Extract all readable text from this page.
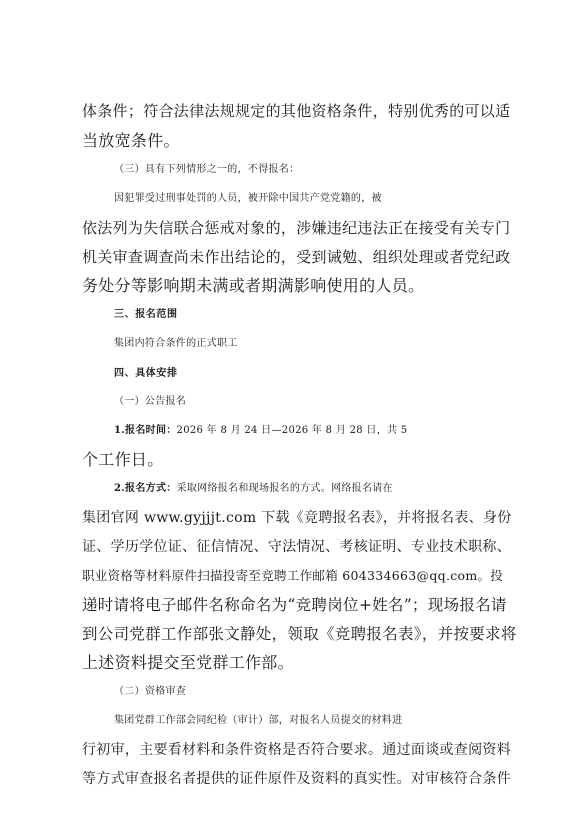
体条件；符合法律法规规定的其他资格条件，特别优秀的可以适
当放宽条件。
（三）具有下列情形之一的，不得报名：
因犯罪受过刑事处罚的人员，被开除中国共产党党籍的，被
依法列为失信联合惩戒对象的，涉嫌违纪违法正在接受有关专门
机关审查调查尚未作出结论的，受到诫勉、组织处理或者党纪政
务处分等影响期未满或者期满影响使用的人员。
三、报名范围
集团内符合条件的正式职工
四、具体安排
（一）公告报名
1.报名时间：2026 年 8 月 24 日—2026 年 8 月 28 日，共 5
个工作日。
2.报名方式：采取网络报名和现场报名的方式。网络报名请在
集团官网 www.gyjjjt.com 下载《竞聘报名表》，并将报名表、身份
证、学历学位证、征信情况、守法情况、考核证明、专业技术职称、
职业资格等材料原件扫描投寄至竞聘工作邮箱 604334663@qq.com。投
递时请将电子邮件名称命名为“竞聘岗位+姓名”；现场报名请
到公司党群工作部张文静处，领取《竞聘报名表》，并按要求将
上述资料提交至党群工作部。
（二）资格审查
集团党群工作部会同纪检（审计）部，对报名人员提交的材料进
行初审，主要看材料和条件资格是否符合要求。通过面谈或查阅资料
等方式审查报名者提供的证件原件及资料的真实性。对审核符合条件
